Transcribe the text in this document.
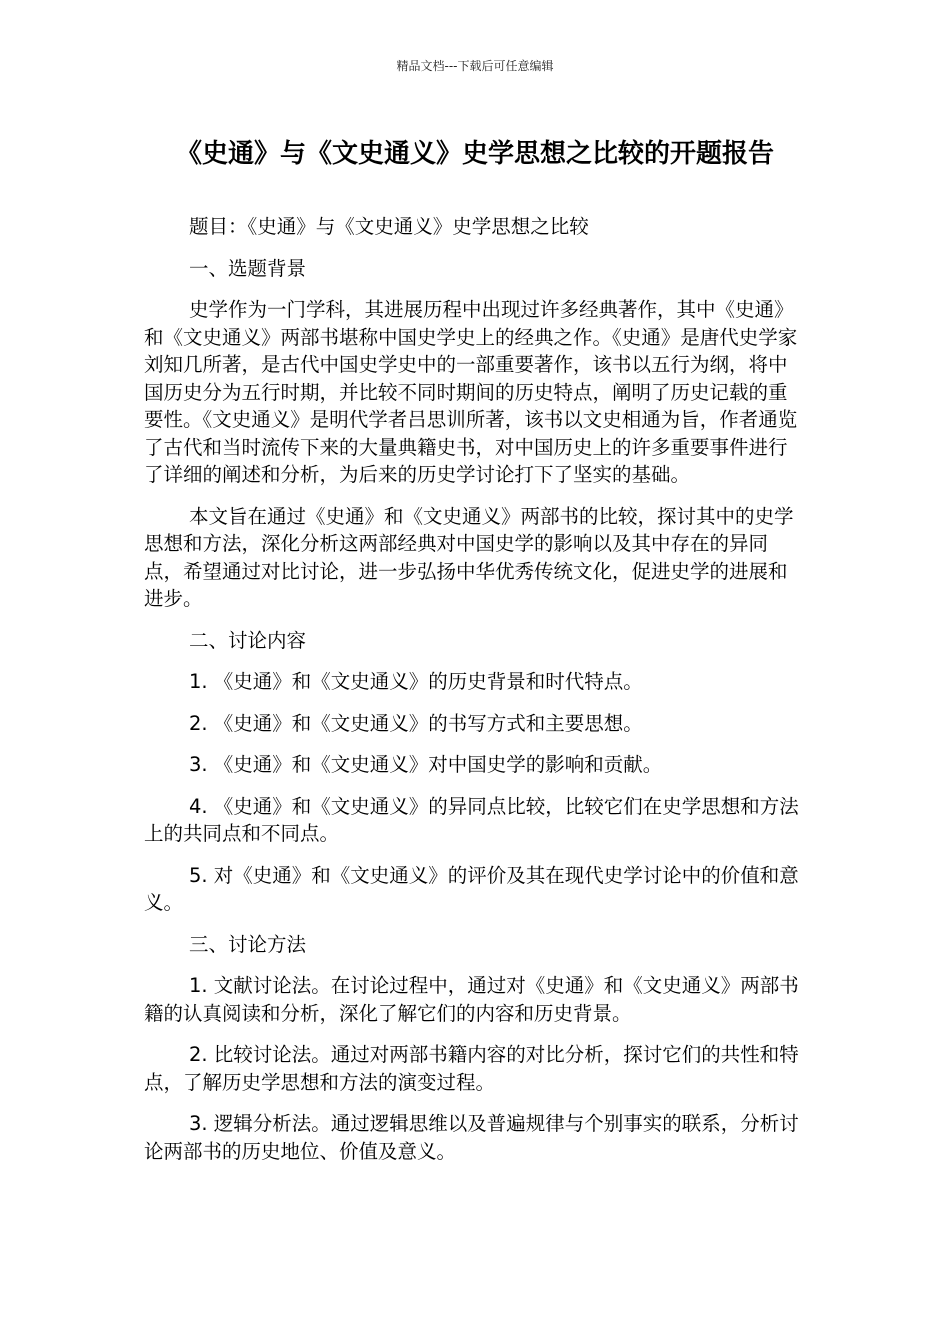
精品文档---下载后可任意编辑
《史通》与《文史通义》史学思想之比较的开题报告

题目：《史通》与《文史通义》史学思想之比较

一、选题背景

史学作为一门学科，其进展历程中出现过许多经典著作，其中《史通》和《文史通义》两部书堪称中国史学史上的经典之作。《史通》是唐代史学家刘知几所著，是古代中国史学史中的一部重要著作，该书以五行为纲，将中国历史分为五行时期，并比较不同时期间的历史特点，阐明了历史记载的重要性。《文史通义》是明代学者吕思训所著，该书以文史相通为旨，作者通览了古代和当时流传下来的大量典籍史书，对中国历史上的许多重要事件进行了详细的阐述和分析，为后来的历史学讨论打下了坚实的基础。

本文旨在通过《史通》和《文史通义》两部书的比较，探讨其中的史学思想和方法，深化分析这两部经典对中国史学的影响以及其中存在的异同点，希望通过对比讨论，进一步弘扬中华优秀传统文化，促进史学的进展和进步。

二、讨论内容

1. 《史通》和《文史通义》的历史背景和时代特点。

2. 《史通》和《文史通义》的书写方式和主要思想。

3. 《史通》和《文史通义》对中国史学的影响和贡献。

4. 《史通》和《文史通义》的异同点比较，比较它们在史学思想和方法上的共同点和不同点。

5. 对《史通》和《文史通义》的评价及其在现代史学讨论中的价值和意义。

三、讨论方法

1. 文献讨论法。在讨论过程中，通过对《史通》和《文史通义》两部书籍的认真阅读和分析，深化了解它们的内容和历史背景。

2. 比较讨论法。通过对两部书籍内容的对比分析，探讨它们的共性和特点，了解历史学思想和方法的演变过程。

3. 逻辑分析法。通过逻辑思维以及普遍规律与个别事实的联系，分析讨论两部书的历史地位、价值及意义。
